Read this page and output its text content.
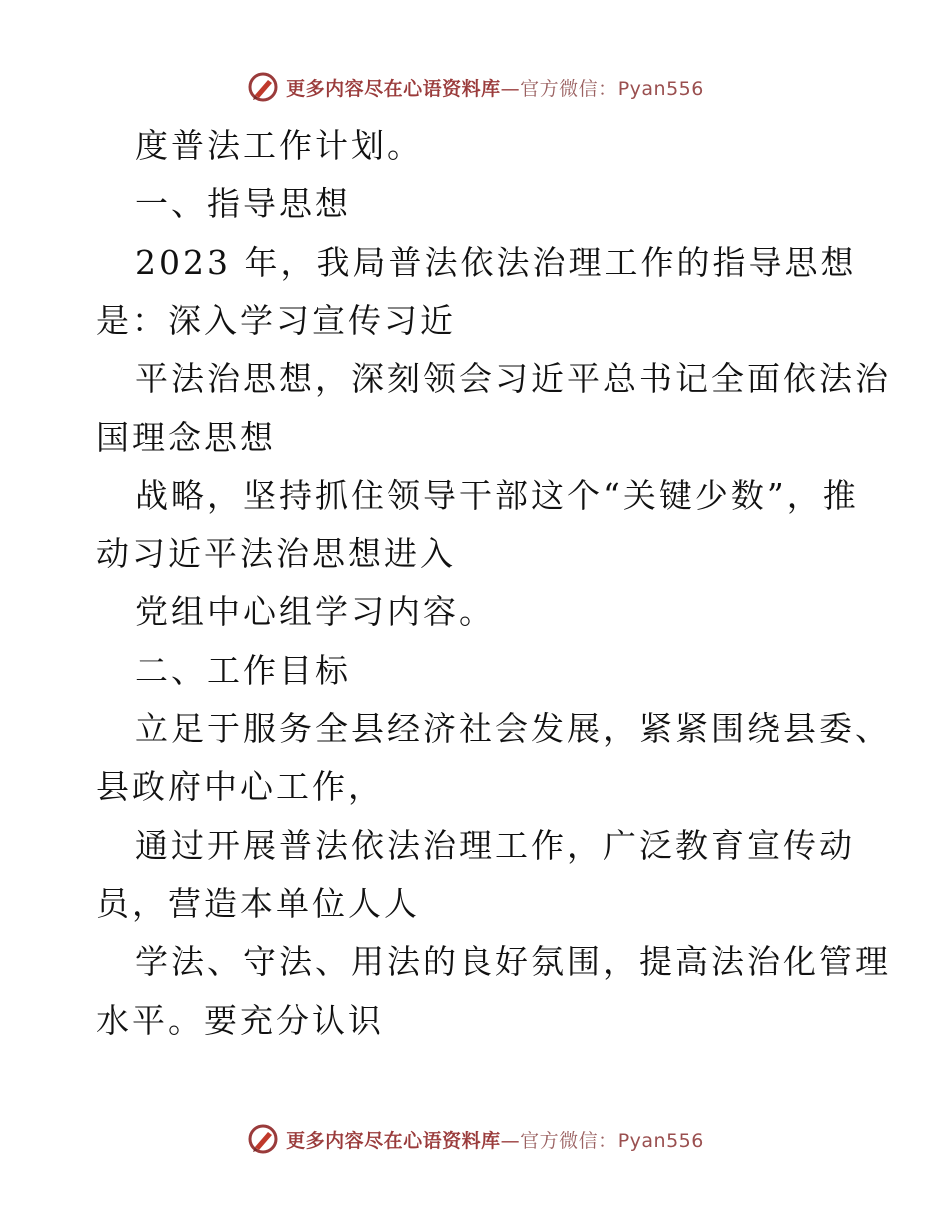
更多内容尽在心语资料库—官方微信：Pyan556
度普法工作计划。
一、指导思想
2023 年，我局普法依法治理工作的指导思想
是：深入学习宣传习近
平法治思想，深刻领会习近平总书记全面依法治
国理念思想
战略，坚持抓住领导干部这个“关键少数”，推
动习近平法治思想进入
党组中心组学习内容。
二、工作目标
立足于服务全县经济社会发展，紧紧围绕县委、
县政府中心工作，
通过开展普法依法治理工作，广泛教育宣传动
员，营造本单位人人
学法、守法、用法的良好氛围，提高法治化管理
水平。要充分认识
更多内容尽在心语资料库—官方微信：Pyan556
